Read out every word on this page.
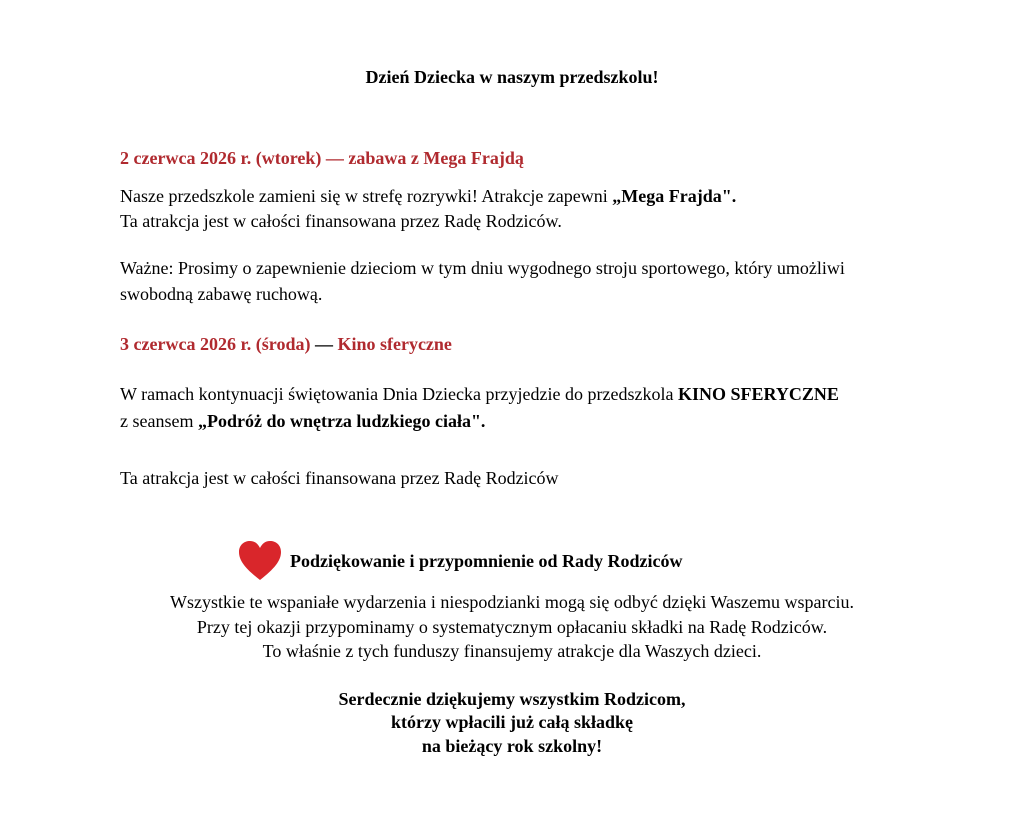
Dzień Dziecka w naszym przedszkolu!
2 czerwca 2026 r. (wtorek) — zabawa z Mega Frajdą
Nasze przedszkole zamieni się w strefę rozrywki! Atrakcje zapewni „Mega Frajda".
Ta atrakcja jest w całości finansowana przez Radę Rodziców.
Ważne: Prosimy o zapewnienie dzieciom w tym dniu wygodnego stroju sportowego, który umożliwi
swobodną zabawę ruchową.
3 czerwca 2026 r. (środa) — Kino sferyczne
W ramach kontynuacji świętowania Dnia Dziecka przyjedzie do przedszkola KINO SFERYCZNE
z seansem „Podróż do wnętrza ludzkiego ciała".
Ta atrakcja jest w całości finansowana przez Radę Rodziców
Podziękowanie i przypomnienie od Rady Rodziców
Wszystkie te wspaniałe wydarzenia i niespodzianki mogą się odbyć dzięki Waszemu wsparciu.
Przy tej okazji przypominamy o systematycznym opłacaniu składki na Radę Rodziców.
To właśnie z tych funduszy finansujemy atrakcje dla Waszych dzieci.
Serdecznie dziękujemy wszystkim Rodzicom,
którzy wpłacili już całą składkę
na bieżący rok szkolny!
